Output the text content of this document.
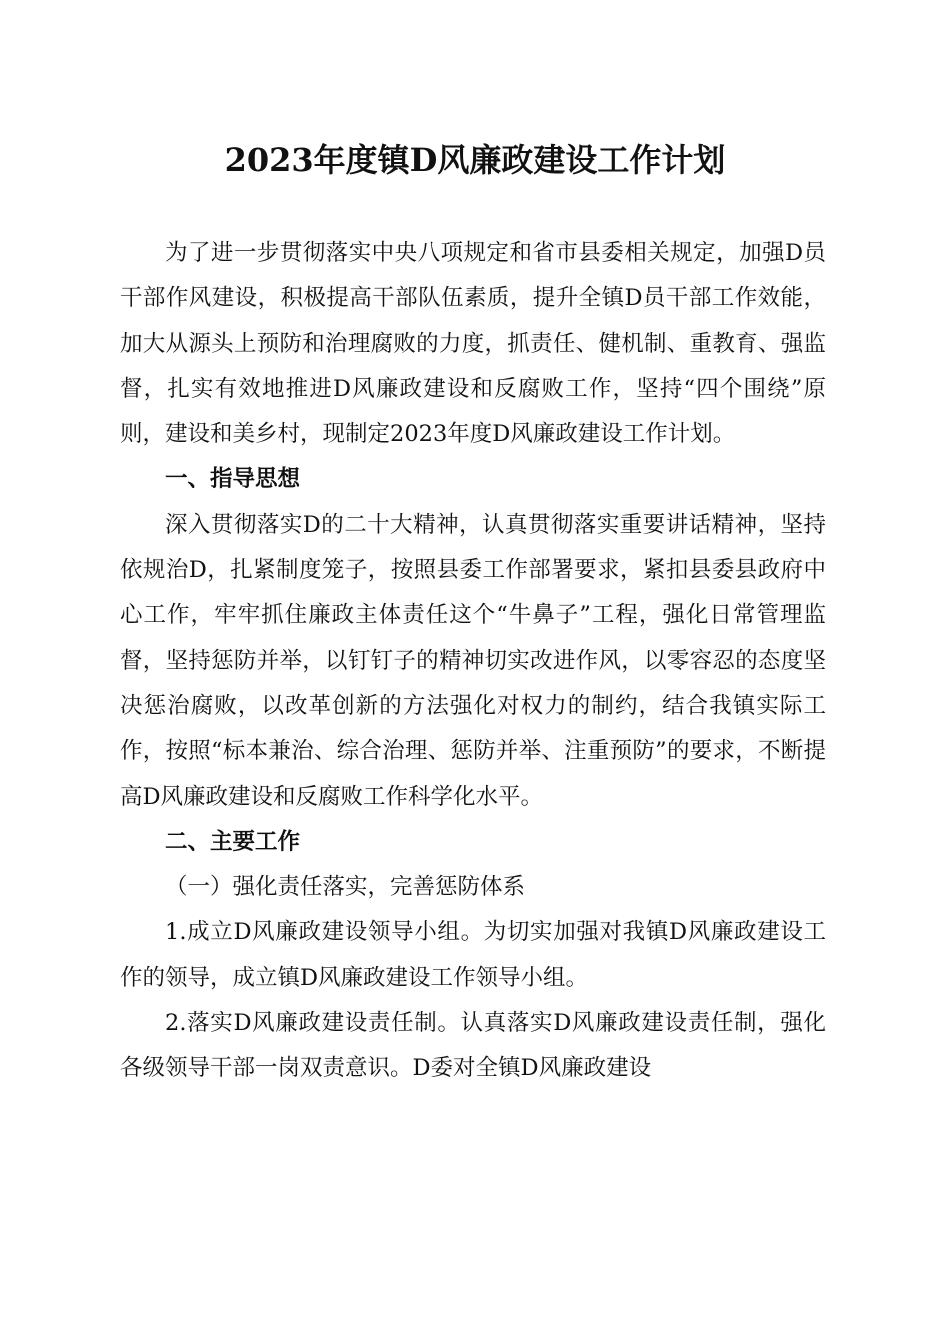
2023年度镇D风廉政建设工作计划

为了进一步贯彻落实中央八项规定和省市县委相关规定，加强D员干部作风建设，积极提高干部队伍素质，提升全镇D员干部工作效能，加大从源头上预防和治理腐败的力度，抓责任、健机制、重教育、强监督，扎实有效地推进D风廉政建设和反腐败工作，坚持“四个围绕”原则，建设和美乡村，现制定2023年度D风廉政建设工作计划。

一、指导思想

深入贯彻落实D的二十大精神，认真贯彻落实重要讲话精神，坚持依规治D，扎紧制度笼子，按照县委工作部署要求，紧扣县委县政府中心工作，牢牢抓住廉政主体责任这个“牛鼻子”工程，强化日常管理监督，坚持惩防并举，以钉钉子的精神切实改进作风，以零容忍的态度坚决惩治腐败，以改革创新的方法强化对权力的制约，结合我镇实际工作，按照“标本兼治、综合治理、惩防并举、注重预防”的要求，不断提高D风廉政建设和反腐败工作科学化水平。

二、主要工作

（一）强化责任落实，完善惩防体系

1.成立D风廉政建设领导小组。为切实加强对我镇D风廉政建设工作的领导，成立镇D风廉政建设工作领导小组。

2.落实D风廉政建设责任制。认真落实D风廉政建设责任制，强化各级领导干部一岗双责意识。D委对全镇D风廉政建设
